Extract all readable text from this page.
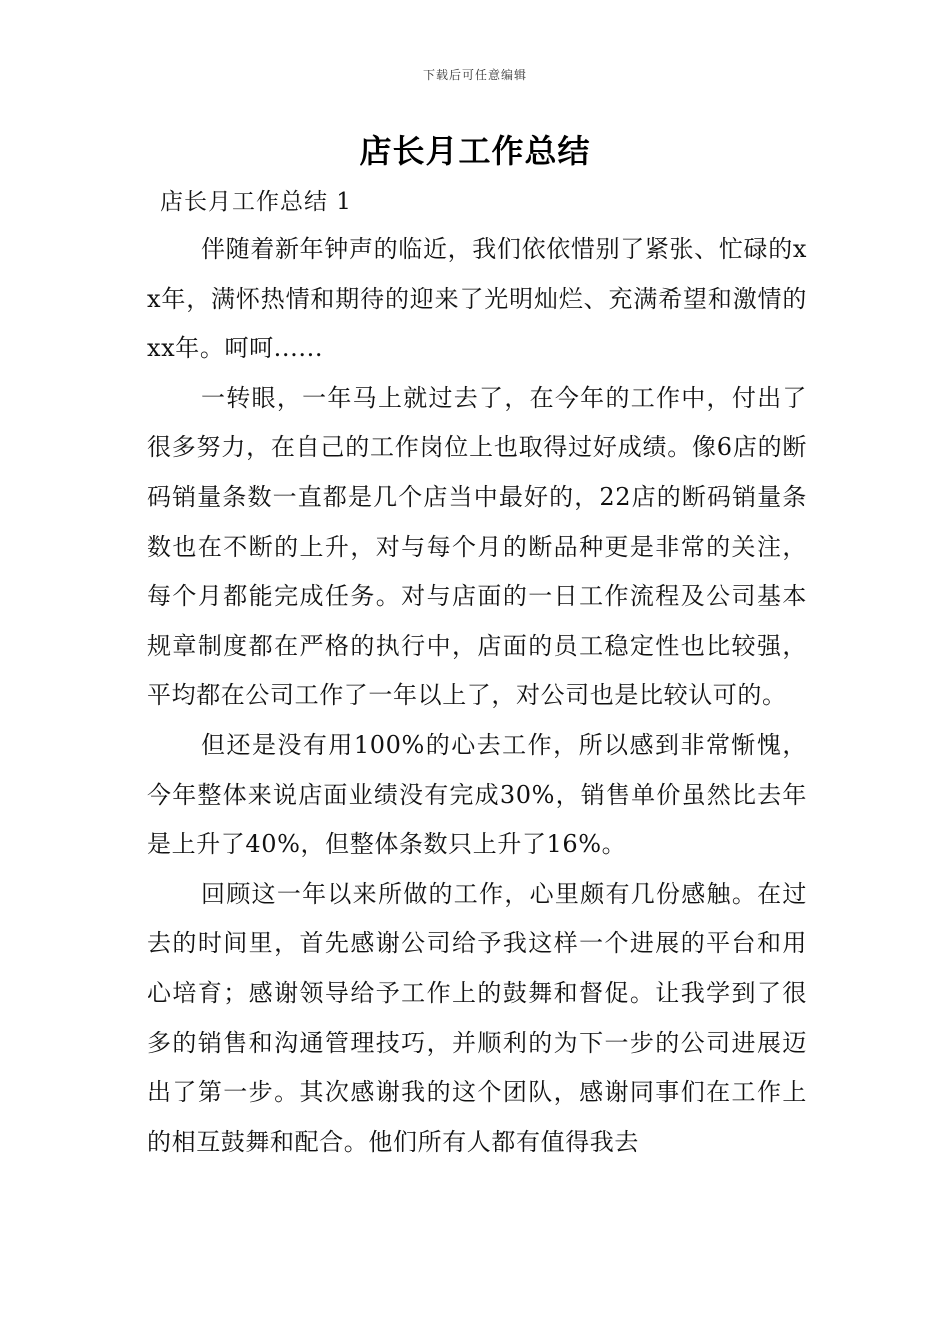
下载后可任意编辑
店长月工作总结
店长月工作总结 1

伴随着新年钟声的临近，我们依依惜别了紧张、忙碌的xx年，满怀热情和期待的迎来了光明灿烂、充满希望和激情的xx年。呵呵......

一转眼，一年马上就过去了，在今年的工作中，付出了很多努力，在自己的工作岗位上也取得过好成绩。像6店的断码销量条数一直都是几个店当中最好的，22店的断码销量条数也在不断的上升，对与每个月的断品种更是非常的关注，每个月都能完成任务。对与店面的一日工作流程及公司基本规章制度都在严格的执行中，店面的员工稳定性也比较强，平均都在公司工作了一年以上了，对公司也是比较认可的。

但还是没有用100%的心去工作，所以感到非常惭愧，今年整体来说店面业绩没有完成30%，销售单价虽然比去年是上升了40%，但整体条数只上升了16%。

回顾这一年以来所做的工作，心里颇有几份感触。在过去的时间里，首先感谢公司给予我这样一个进展的平台和用心培育；感谢领导给予工作上的鼓舞和督促。让我学到了很多的销售和沟通管理技巧，并顺利的为下一步的公司进展迈出了第一步。其次感谢我的这个团队，感谢同事们在工作上的相互鼓舞和配合。他们所有人都有值得我去
